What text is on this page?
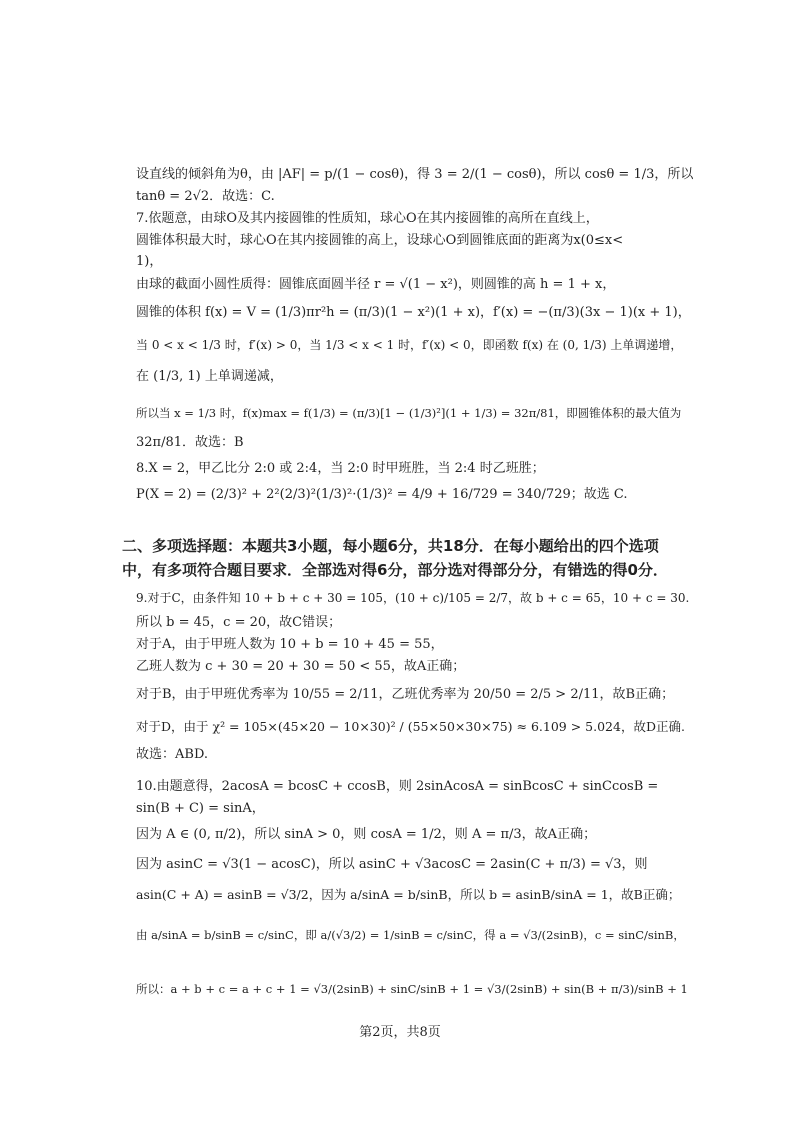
设直线的倾斜角为θ，由 |AF| = p/(1 − cosθ)，得 3 = 2/(1 − cosθ)，所以 cosθ = 1/3，所以
tanθ = 2√2．故选：C.
7.依题意，由球O及其内接圆锥的性质知，球心O在其内接圆锥的高所在直线上，
圆锥体积最大时，球心O在其内接圆锥的高上，设球心O到圆锥底面的距离为x(0≤x<
1)，
由球的截面小圆性质得：圆锥底面圆半径 r = √(1 − x²)，则圆锥的高 h = 1 + x，
圆锥的体积 f(x) = V = (1/3)πr²h = (π/3)(1 − x²)(1 + x)，f′(x) = −(π/3)(3x − 1)(x + 1)，
当 0 < x < 1/3 时，f′(x) > 0，当 1/3 < x < 1 时，f′(x) < 0，即函数 f(x) 在 (0, 1/3) 上单调递增，
在 (1/3, 1) 上单调递减，
所以当 x = 1/3 时，f(x)max = f(1/3) = (π/3)[1 − (1/3)²](1 + 1/3) = 32π/81，即圆锥体积的最大值为
32π/81．故选：B
8.X = 2，甲乙比分 2:0 或 2:4，当 2:0 时甲班胜，当 2:4 时乙班胜；
P(X = 2) = (2/3)² + 2²(2/3)²(1/3)²·(1/3)² = 4/9 + 16/729 = 340/729；故选 C.
二、多项选择题：本题共3小题，每小题6分，共18分．在每小题给出的四个选项
中，有多项符合题目要求．全部选对得6分，部分选对得部分分，有错选的得0分．
9.对于C，由条件知 10 + b + c + 30 = 105，(10 + c)/105 = 2/7，故 b + c = 65，10 + c = 30.
所以 b = 45，c = 20，故C错误；
对于A，由于甲班人数为 10 + b = 10 + 45 = 55，
乙班人数为 c + 30 = 20 + 30 = 50 < 55，故A正确；
对于B，由于甲班优秀率为 10/55 = 2/11，乙班优秀率为 20/50 = 2/5 > 2/11，故B正确；
对于D，由于 χ² = 105×(45×20 − 10×30)² / (55×50×30×75) ≈ 6.109 > 5.024，故D正确.
故选：ABD.
10.由题意得，2acosA = bcosC + ccosB，则 2sinAcosA = sinBcosC + sinCcosB =
sin(B + C) = sinA，
因为 A ∈ (0, π/2)，所以 sinA > 0，则 cosA = 1/2，则 A = π/3，故A正确；
因为 asinC = √3(1 − acosC)，所以 asinC + √3acosC = 2asin(C + π/3) = √3，则
asin(C + A) = asinB = √3/2，因为 a/sinA = b/sinB，所以 b = asinB/sinA = 1，故B正确；
由 a/sinA = b/sinB = c/sinC，即 a/(√3/2) = 1/sinB = c/sinC，得 a = √3/(2sinB)，c = sinC/sinB，
所以：a + b + c = a + c + 1 = √3/(2sinB) + sinC/sinB + 1 = √3/(2sinB) + sin(B + π/3)/sinB + 1
第2页，共8页
